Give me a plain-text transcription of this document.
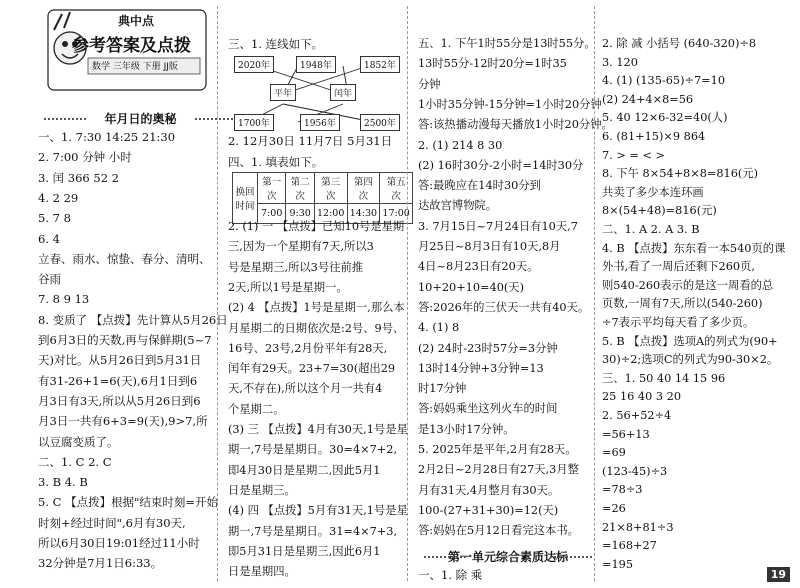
典中点
参考答案及点拨
数学 三年级 下册 JJ版
年月日的奥秘
一、1. 7:30 14:25 21:30
2. 7:00 分钟 小时
3. 闰 366 52 2
4. 2 29
5. 7 8
6. 4
立春、雨水、惊蛰、春分、清明、
谷雨
7. 8 9 13
8. 变质了 【点拨】先计算从5月26日
到6月3日的天数,再与保鲜期(5~7
天)对比。从5月26日到5月31日
有31-26+1=6(天),6月1日到6
月3日有3天,所以从5月26日到6
月3日一共有6+3=9(天),9>7,所
以豆腐变质了。
二、1. C 2. C
3. B 4. B
5. C 【点拨】根据"结束时刻=开始
时刻+经过时间",6月有30天,
所以6月30日19:01经过11小时
32分钟是7月1日6:33。
三、1. 连线如下。
2020年	1948年	1852年
平年	闰年
1700年	1956年	2500年
2. 12月30日 11月7日 5月31日
四、1. 填表如下。
换回时间	第一次	第二次	第三次	第四次	第五次
	7:00	9:30	12:00	14:30	17:00
2. (1) 一 【点拨】已知10号是星期
三,因为一个星期有7天,所以3
号是星期三,所以3号往前推
2天,所以1号是星期一。
(2) 4 【点拨】1号是星期一,那么本
月星期二的日期依次是:2号、9号、
16号、23号,2月份平年有28天,
闰年有29天。23+7=30(超出29
天,不存在),所以这个月一共有4
个星期二。
(3) 三 【点拨】4月有30天,1号是星
期一,7号是星期日。30=4×7+2,
即4月30日是星期二,因此5月1
日是星期三。
(4) 四 【点拨】5月有31天,1号是星
期一,7号是星期日。31=4×7+3,
即5月31日是星期三,因此6月1
日是星期四。
五、1. 下午1时55分是13时55分。
13时55分-12时20分=1时35
分钟
1小时35分钟-15分钟=1小时20分钟
答:该热播动漫每天播放1小时20分钟。
2. (1) 214 8 30
(2) 16时30分-2小时=14时30分
答:最晚应在14时30分到
达故宫博物院。
3. 7月15日~7月24日有10天,7
月25日~8月3日有10天,8月
4日~8月23日有20天。
10+20+10=40(天)
答:2026年的三伏天一共有40天。
4. (1) 8
(2) 24时-23时57分=3分钟
13时14分钟+3分钟=13
时17分钟
答:妈妈乘坐这列火车的时间
是13小时17分钟。
5. 2025年是平年,2月有28天。
2月2日~2月28日有27天,3月整
月有31天,4月整月有30天。
100-(27+31+30)=12(天)
答:妈妈在5月12日看完这本书。
第一单元综合素质达标
一、1. 除 乘
2. 除 减 小括号 (640-320)÷8
3. 120
4. (1) (135-65)÷7=10
(2) 24+4×8=56
5. 40 12×6-32=40(人)
6. (81+15)×9 864
7. > = < >
8. 下午 8×54+8×8=816(元)
共卖了多少本连环画
8×(54+48)=816(元)
二、1. A 2. A 3. B
4. B 【点拨】东东看一本540页的课
外书,看了一周后还剩下260页,
则540-260表示的是这一周看的总
页数,一周有7天,所以(540-260)
÷7表示平均每天看了多少页。
5. B 【点拨】选项A的列式为(90+
30)÷2;选项C的列式为90-30×2。
三、1. 50 40 14 15 96
25 16 40 3 20
2. 56+52÷4
=56+13
=69
(123-45)÷3
=78÷3
=26
21×8+81÷3
=168+27
=195
19
